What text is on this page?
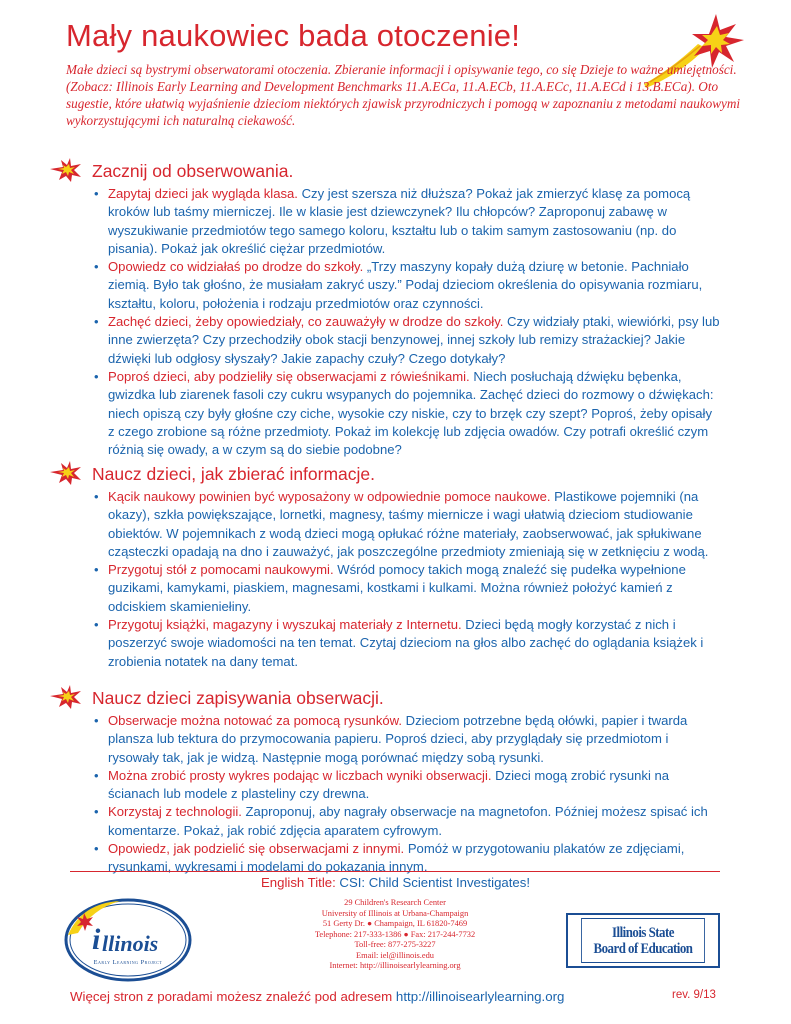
Mały naukowiec bada otoczenie!

Małe dzieci są bystrymi obserwatorami otoczenia. Zbieranie informacji i opisywanie tego, co się Dzieje to ważne umiejętności. (Zobacz: Illinois Early Learning and Development Benchmarks 11.A.ECa, 11.A.ECb, 11.A.ECc, 11.A.ECd i 13.B.ECa). Oto sugestie, które ułatwią wyjaśnienie dzieciom niektórych zjawisk przyrodniczych i pomogą w zapoznaniu z metodami naukowymi wykorzystującymi ich naturalną ciekawość.

Zacznij od obserwowania.
• Zapytaj dzieci jak wygląda klasa. Czy jest szersza niż dłuższa? Pokaż jak zmierzyć klasę za pomocą kroków lub taśmy mierniczej. Ile w klasie jest dziewczynek? Ilu chłopców? Zaproponuj zabawę w wyszukiwanie przedmiotów tego samego koloru, kształtu lub o takim samym zastosowaniu (np. do pisania). Pokaż jak określić ciężar przedmiotów.
• Opowiedz co widziałaś po drodze do szkoły. „Trzy maszyny kopały dużą dziurę w betonie. Pachniało ziemią. Było tak głośno, że musiałam zakryć uszy.” Podaj dzieciom określenia do opisywania rozmiaru, kształtu, koloru, położenia i rodzaju przedmiotów oraz czynności.
• Zachęć dzieci, żeby opowiedziały, co zauważyły w drodze do szkoły. Czy widziały ptaki, wiewiórki, psy lub inne zwierzęta? Czy przechodziły obok stacji benzynowej, innej szkoły lub remizy strażackiej? Jakie dźwięki lub odgłosy słyszały? Jakie zapachy czuły? Czego dotykały?
• Poproś dzieci, aby podzieliły się obserwacjami z rówieśnikami. Niech posłuchają dźwięku bębenka, gwizdka lub ziarenek fasoli czy cukru wsypanych do pojemnika. Zachęć dzieci do rozmowy o dźwiękach: niech opiszą czy były głośne czy ciche, wysokie czy niskie, czy to brzęk czy szept? Poproś, żeby opisały z czego zrobione są różne przedmioty. Pokaż im kolekcję lub zdjęcia owadów. Czy potrafi określić czym różnią się owady, a w czym są do siebie podobne?
Naucz dzieci, jak zbierać informacje.
• Kącik naukowy powinien być wyposażony w odpowiednie pomoce naukowe. Plastikowe pojemniki (na okazy), szkła powiększające, lornetki, magnesy, taśmy miernicze i wagi ułatwią dzieciom studiowanie obiektów. W pojemnikach z wodą dzieci mogą opłukać różne materiały, zaobserwować, jak spłukiwane cząsteczki opadają na dno i zauważyć, jak poszczególne przedmioty zmieniają się w zetknięciu z wodą.
• Przygotuj stół z pomocami naukowymi. Wśród pomocy takich mogą znaleźć się pudełka wypełnione guzikami, kamykami, piaskiem, magnesami, kostkami i kulkami. Można również położyć kamień z odciskiem skamieniełiny.
• Przygotuj książki, magazyny i wyszukaj materiały z Internetu. Dzieci będą mogły korzystać z nich i poszerzyć swoje wiadomości na ten temat. Czytaj dzieciom na głos albo zachęć do oglądania książek i zrobienia notatek na dany temat.
Naucz dzieci zapisywania obserwacji.
• Obserwacje można notować za pomocą rysunków. Dzieciom potrzebne będą ołówki, papier i twarda plansza lub tektura do przymocowania papieru. Poproś dzieci, aby przyglądały się przedmiotom i rysowały tak, jak je widzą. Następnie mogą porównać między sobą rysunki.
• Można zrobić prosty wykres podając w liczbach wyniki obserwacji. Dzieci mogą zrobić rysunki na ścianach lub modele z plasteliny czy drewna.
• Korzystaj z technologii. Zaproponuj, aby nagrały obserwacje na magnetofon. Później możesz spisać ich komentarze. Pokaż, jak robić zdjęcia aparatem cyfrowym.
• Opowiedz, jak podzielić się obserwacjami z innymi. Pomóż w przygotowaniu plakatów ze zdjęciami, rysunkami, wykresami i modelami do pokazania innym.
English Title: CSI: Child Scientist Investigates!
i llinois
Early Learning Project
29 Children's Research Center
University of Illinois at Urbana-Champaign
51 Gerty Dr. ● Champaign, IL 61820-7469
Telephone: 217-333-1386 ● Fax: 217-244-7732
Toll-free: 877-275-3227
Email: iel@illinois.edu
Internet: http://illinoisearlylearning.org
Illinois State
Board of Education
Więcej stron z poradami możesz znaleźć pod adresem http://illinoisearlylearning.org	rev. 9/13
